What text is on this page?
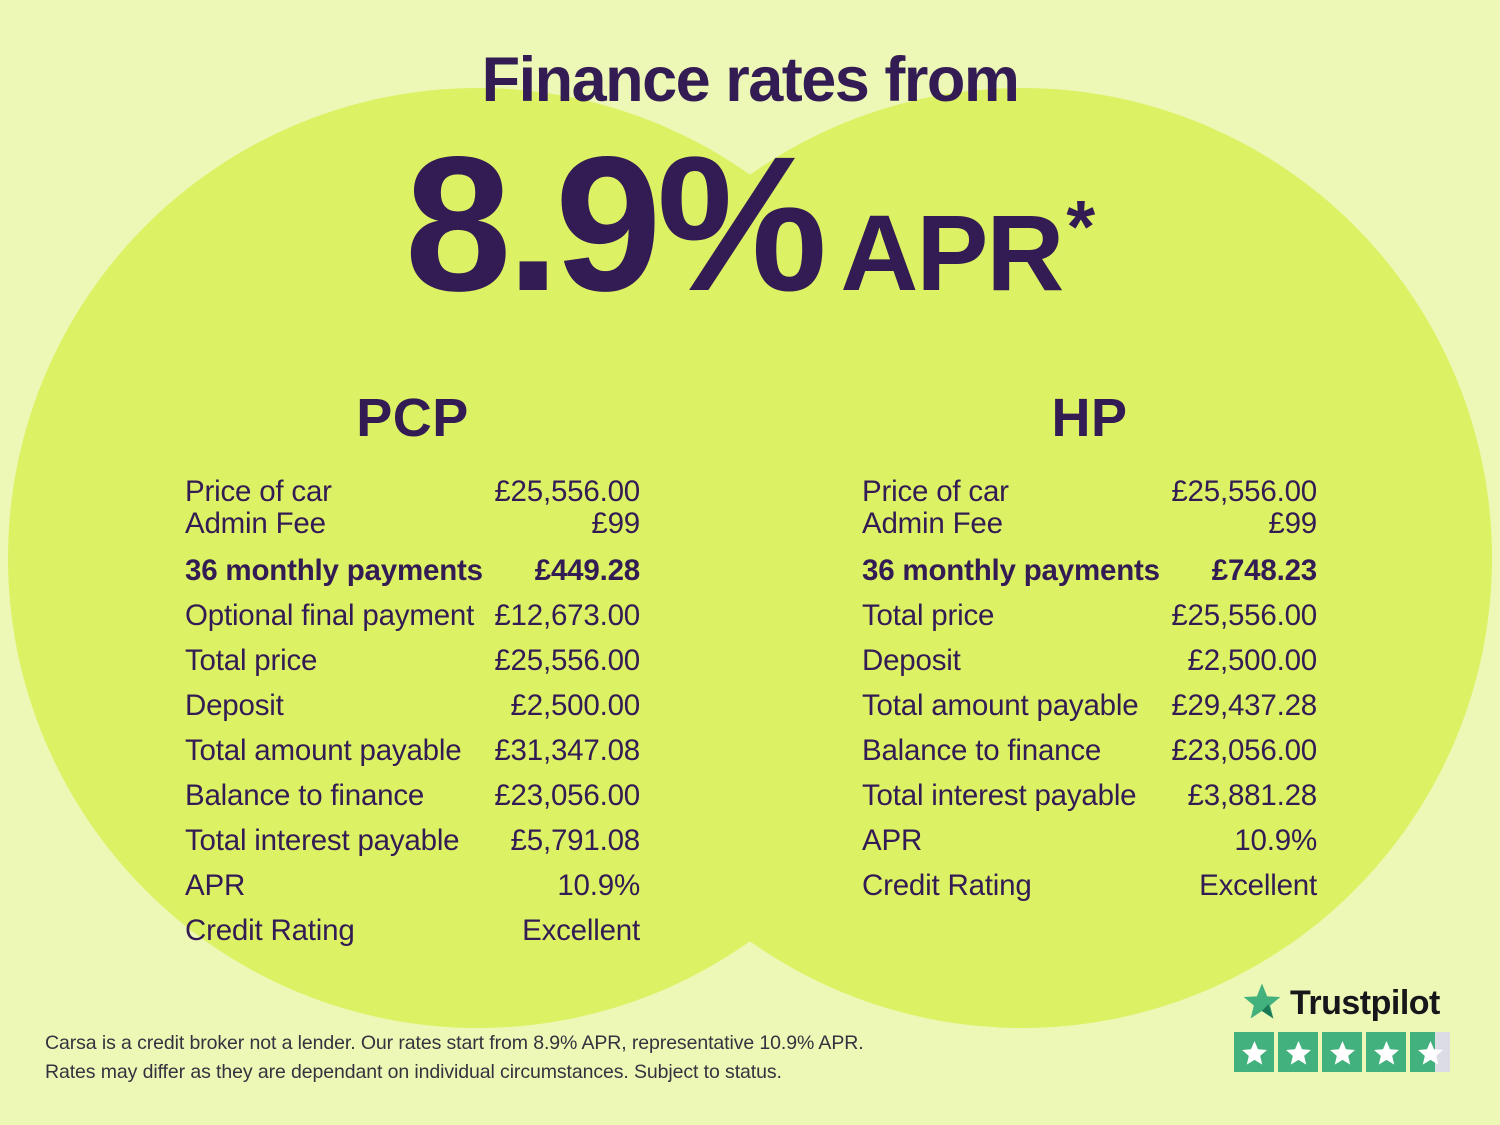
Finance rates from
8.9% APR *
PCP	HP
Price of car	£25,556.00
Admin Fee	£99
36 monthly payments £449.28
Optional final payment £12,673.00
Total price	£25,556.00
Deposit	£2,500.00
Total amount payable £31,347.08
Balance to finance £23,056.00
Total interest payable £5,791.08
APR	10.9%
Credit Rating	Excellent
Price of car	£25,556.00
Admin Fee	£99
36 monthly payments £748.23
Total price	£25,556.00
Deposit	£2,500.00
Total amount payable £29,437.28
Balance to finance £23,056.00
Total interest payable £3,881.28
APR	10.9%
Credit Rating	Excellent
Carsa is a credit broker not a lender. Our rates start from 8.9% APR, representative 10.9% APR.
Rates may differ as they are dependant on individual circumstances. Subject to status.
Trustpilot
